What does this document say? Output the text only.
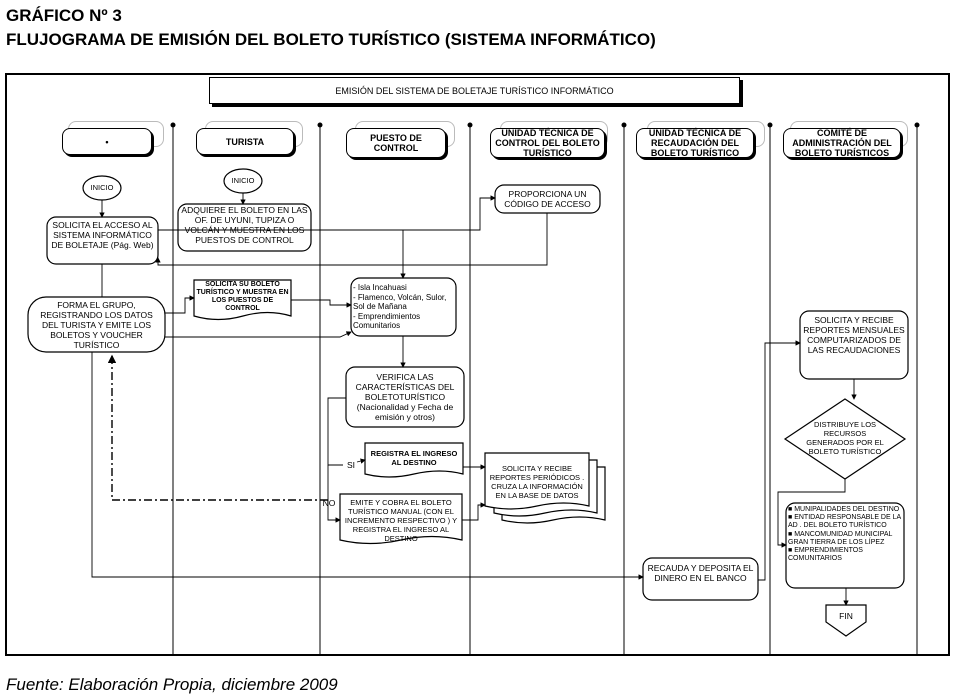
GRÁFICO Nº 3
FLUJOGRAMA DE EMISIÓN DEL BOLETO TURÍSTICO (SISTEMA INFORMÁTICO)
EMISIÓN DEL SISTEMA DE BOLETAJE TURÍSTICO INFORMÁTICO
•	TURISTA	PUESTO DE CONTROL
UNIDAD TÉCNICA DE CONTROL DEL BOLETO TURÍSTICO
UNIDAD TÉCNICA DE RECAUDACIÓN DEL BOLETO TURÍSTICO
COMITÉ DE ADMINISTRACIÓN DEL BOLETO TURÍSTICOS
INICIO
INICIO
SOLICITA EL ACCESO AL SISTEMA INFORMÁTICO DE BOLETAJE (Pág. Web)
ADQUIERE EL BOLETO EN LAS OF. DE UYUNI, TUPIZA O VOLCÁN Y MUESTRA EN LOS PUESTOS DE CONTROL
PROPORCIONA UN CÓDIGO DE ACCESO
SOLICITA SU BOLETO TURÍSTICO Y MUESTRA EN LOS PUESTOS DE CONTROL
- Isla Incahuasi
- Flamenco, Volcán, Sulor, Sol de Mañana
- Emprendimientos Comunitarios
FORMA EL GRUPO, REGISTRANDO LOS DATOS DEL TURISTA Y EMITE LOS BOLETOS Y VOUCHER TURÍSTICO
VERIFICA LAS CARACTERÍSTICAS DEL BOLETOTURÍSTICO (Nacionalidad y Fecha de emisión y otros)
SI
NO
REGISTRA EL INGRESO AL DESTINO
EMITE Y COBRA EL BOLETO TURÍSTICO MANUAL (CON EL INCREMENTO RESPECTIVO ) Y REGISTRA EL INGRESO AL DESTINO
SOLICITA Y RECIBE REPORTES PERIÓDICOS . CRUZA LA INFORMACIÓN EN LA BASE DE DATOS
RECAUDA Y DEPOSITA EL DINERO EN EL BANCO
SOLICITA Y RECIBE REPORTES MENSUALES COMPUTARIZADOS DE LAS RECAUDACIONES
DISTRIBUYE LOS RECURSOS GENERADOS POR EL BOLETO TURÍSTICO
■ MUNIPALIDADES DEL DESTINO
■ ENTIDAD RESPONSABLE DE LA AD . DEL BOLETO TURÍSTICO
■ MANCOMUNIDAD MUNICIPAL GRAN TIERRA DE LOS LÍPEZ
■ EMPRENDIMIENTOS COMUNITARIOS
FIN
Fuente: Elaboración Propia, diciembre 2009
